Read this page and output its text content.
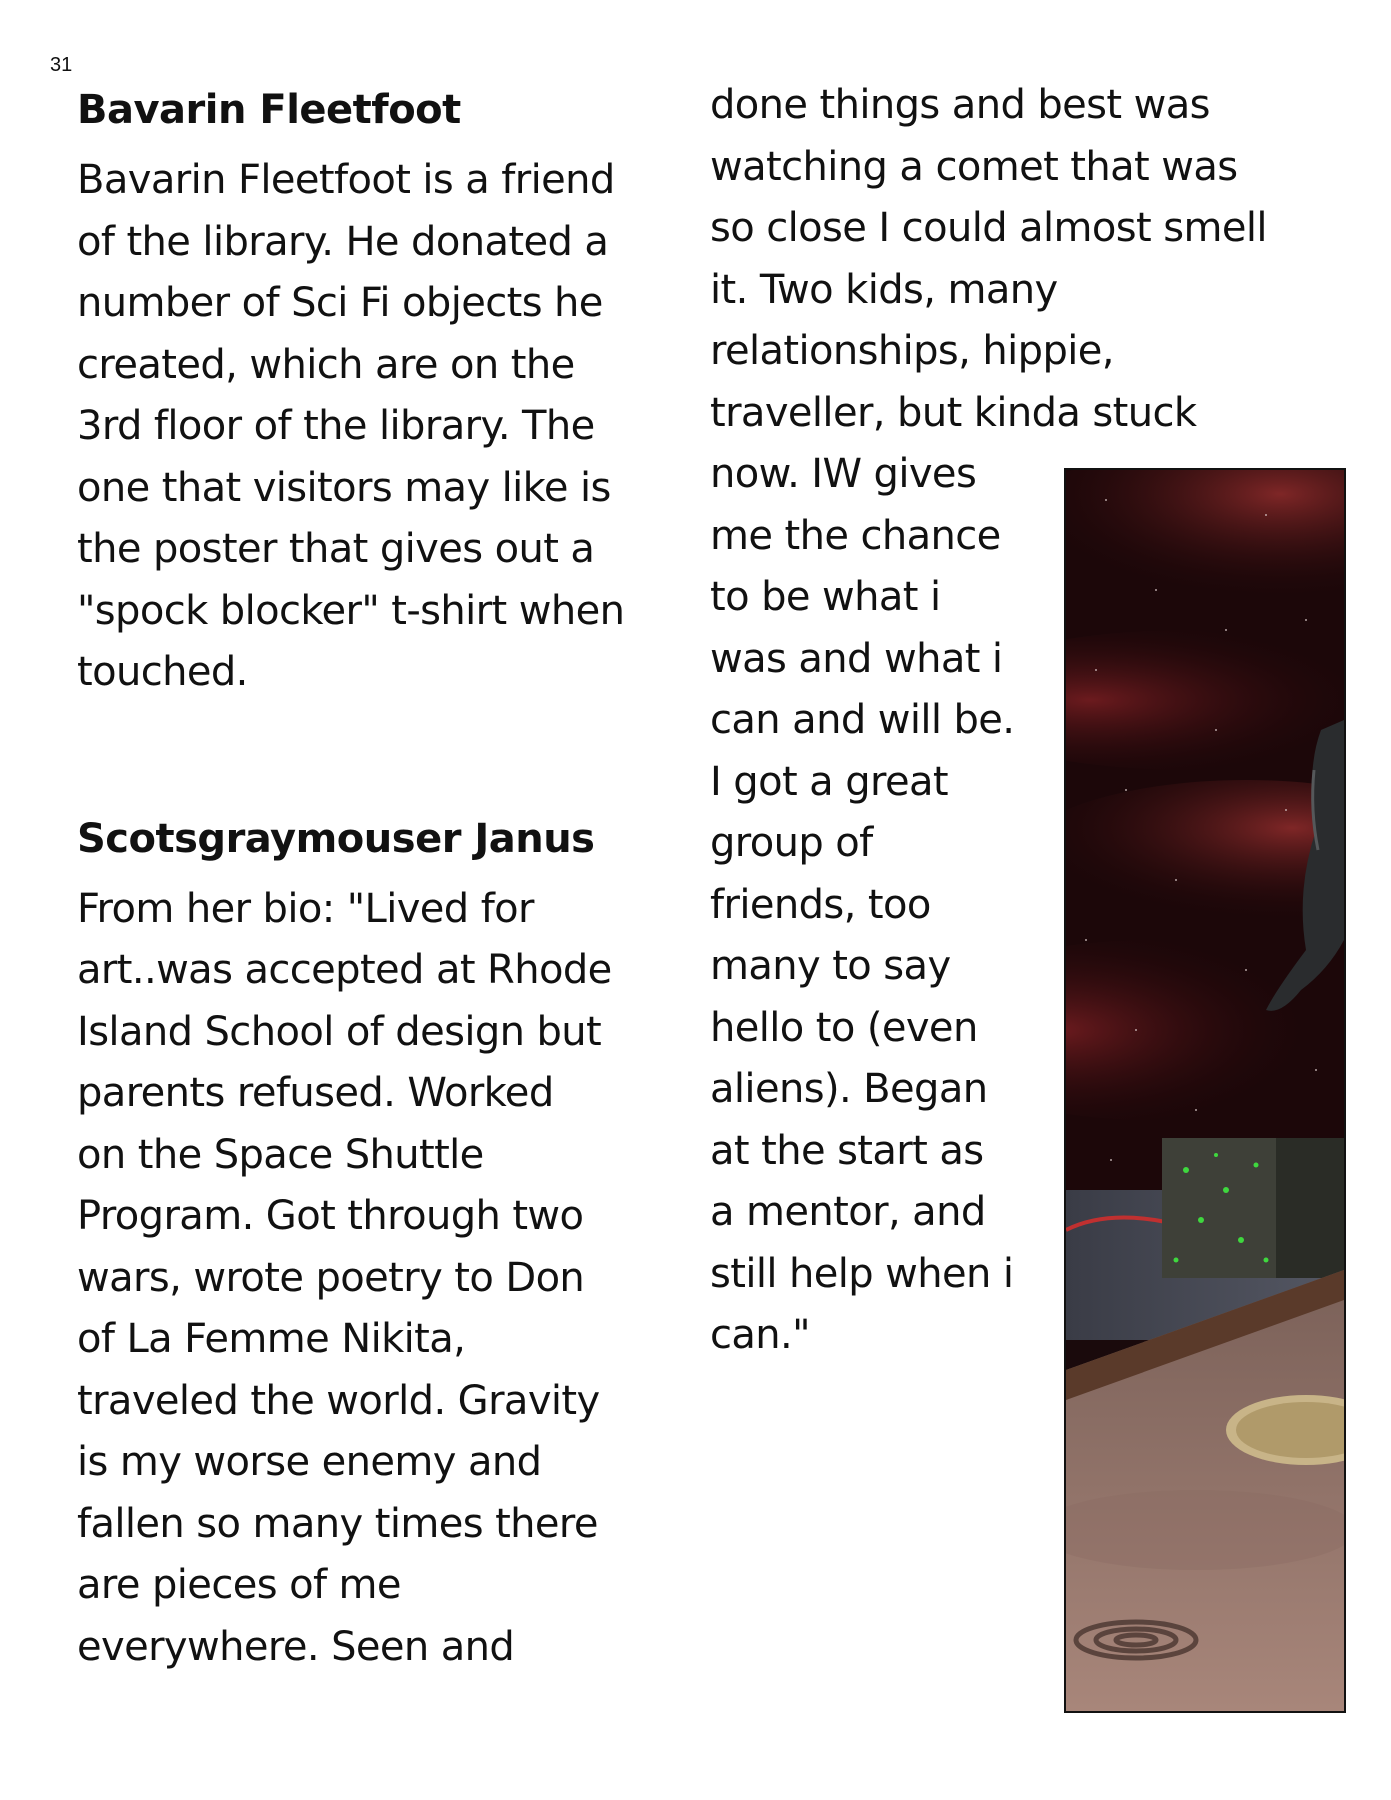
31
Bavarin Fleetfoot

Bavarin Fleetfoot is a friend
of the library. He donated a
number of Sci Fi objects he
created, which are on the
3rd floor of the library. The
one that visitors may like is
the poster that gives out a
"spock blocker" t-shirt when
touched.

Scotsgraymouser Janus

From her bio: "Lived for
art..was accepted at Rhode
Island School of design but
parents refused. Worked
on the Space Shuttle
Program. Got through two
wars, wrote poetry to Don
of La Femme Nikita,
traveled the world. Gravity
is my worse enemy and
fallen so many times there
are pieces of me
everywhere. Seen and

done things and best was
watching a comet that was
so close I could almost smell
it. Two kids, many
relationships, hippie,
traveller, but kinda stuck
now. IW gives
me the chance
to be what i
was and what i
can and will be.
I got a great
group of
friends, too
many to say
hello to (even
aliens). Began
at the start as
a mentor, and
still help when i
can."
